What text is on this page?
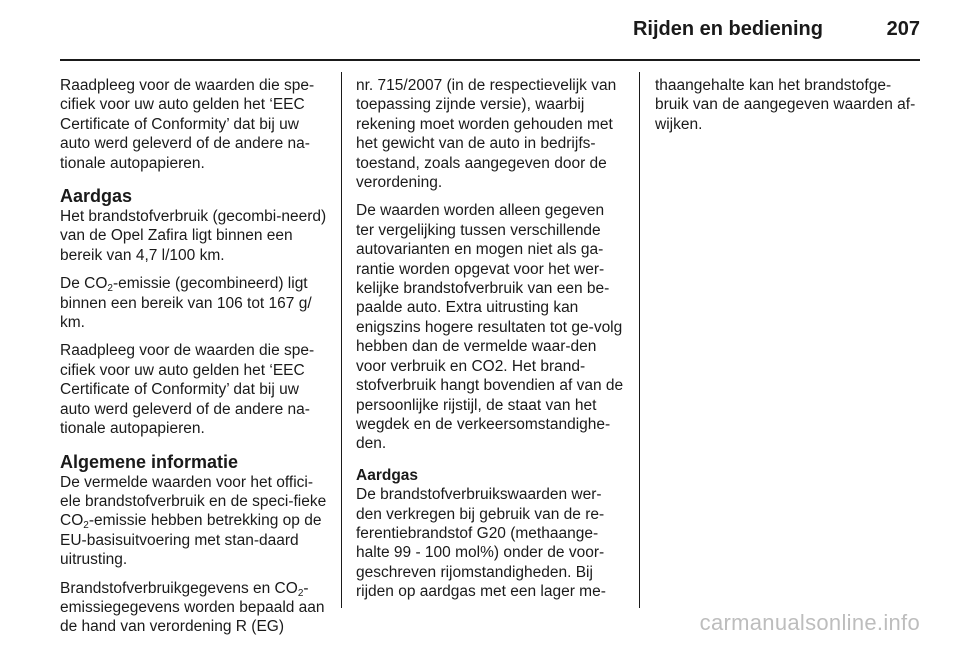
Rijden en bediening	207

Raadpleeg voor de waarden die spe-cifiek voor uw auto gelden het ‘EEC Certificate of Conformity’ dat bij uw auto werd geleverd of de andere na-tionale autopapieren.

Aardgas

Het brandstofverbruik (gecombi-neerd) van de Opel Zafira ligt binnen een bereik van 4,7 l/100 km.

De $CO_2$-emissie (gecombineerd) ligt binnen een bereik van 106 tot 167 g/ km.

Raadpleeg voor de waarden die spe-cifiek voor uw auto gelden het ‘EEC Certificate of Conformity’ dat bij uw auto werd geleverd of de andere na-tionale autopapieren.

Algemene informatie

De vermelde waarden voor het offici-ele brandstofverbruik en de speci-fieke $CO_2$-emissie hebben betrekking op de EU-basisuitvoering met stan-daard uitrusting.

Brandstofverbruikgegevens en $CO_2$-emissiegegevens worden bepaald aan de hand van verordening R (EG)

nr. 715/2007 (in de respectievelijk van toepassing zijnde versie), waarbij rekening moet worden gehouden met het gewicht van de auto in bedrijfs-toestand, zoals aangegeven door de verordening.

De waarden worden alleen gegeven ter vergelijking tussen verschillende autovarianten en mogen niet als ga-rantie worden opgevat voor het wer-kelijke brandstofverbruik van een be-paalde auto. Extra uitrusting kan enigszins hogere resultaten tot ge-volg hebben dan de vermelde waar-den voor verbruik en CO2. Het brand-stofverbruik hangt bovendien af van de persoonlijke rijstijl, de staat van het wegdek en de verkeersomstandighe-den.

Aardgas

De brandstofverbruikswaarden wer-den verkregen bij gebruik van de re-ferentiebrandstof G20 (methaange-halte 99 - 100 mol%) onder de voor-geschreven rijomstandigheden. Bij rijden op aardgas met een lager me-

thaangehalte kan het brandstofge-bruik van de aangegeven waarden af-wijken.

carmanualsonline.info
